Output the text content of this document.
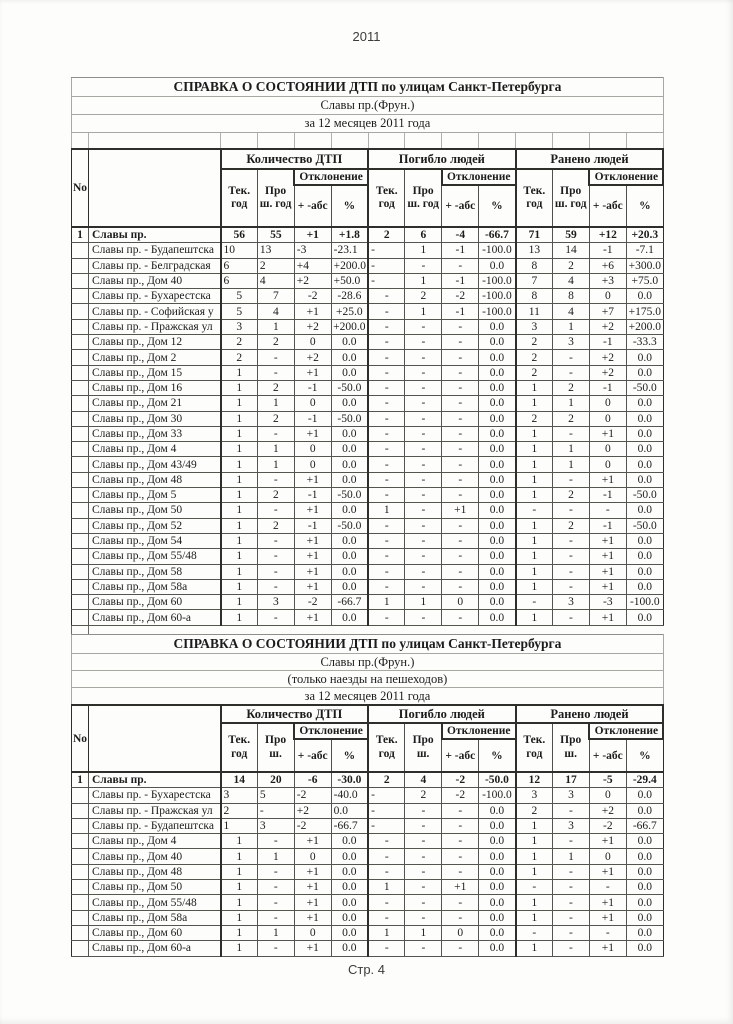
2011
СПРАВКА О СОСТОЯНИИ ДТП по улицам Санкт-Петербурга													
Славы пр.(Фрун.)													
за 12 месяцев 2011 года													

No		Количество ДТП				Погибло людей				Ранено людей			
		Тек. год	Про ш. год	Отклонение		Тек. год	Про ш. год	Отклонение		Тек. год	Про ш. год	Отклонение	
				+ -абс	%			+ -абс	%			+ -абс	%
1	Славы пр.	56	55	+1	+1.8	2	6	-4	-66.7	71	59	+12	+20.3
	Славы пр. - Будапештска	10	13	-3	-23.1	-	1	-1	-100.0	13	14	-1	-7.1
	Славы пр. - Белградская	6	2	+4	+200.0	-	-	-	0.0	8	2	+6	+300.0
	Славы пр., Дом 40	6	4	+2	+50.0	-	1	-1	-100.0	7	4	+3	+75.0
	Славы пр. - Бухарестска	5	7	-2	-28.6	-	2	-2	-100.0	8	8	0	0.0
	Славы пр. - Софийская у	5	4	+1	+25.0	-	1	-1	-100.0	11	4	+7	+175.0
	Славы пр. - Пражская ул	3	1	+2	+200.0	-	-	-	0.0	3	1	+2	+200.0
	Славы пр., Дом 12	2	2	0	0.0	-	-	-	0.0	2	3	-1	-33.3
	Славы пр., Дом 2	2	-	+2	0.0	-	-	-	0.0	2	-	+2	0.0
	Славы пр., Дом 15	1	-	+1	0.0	-	-	-	0.0	2	-	+2	0.0
	Славы пр., Дом 16	1	2	-1	-50.0	-	-	-	0.0	1	2	-1	-50.0
	Славы пр., Дом 21	1	1	0	0.0	-	-	-	0.0	1	1	0	0.0
	Славы пр., Дом 30	1	2	-1	-50.0	-	-	-	0.0	2	2	0	0.0
	Славы пр., Дом 33	1	-	+1	0.0	-	-	-	0.0	1	-	+1	0.0
	Славы пр., Дом 4	1	1	0	0.0	-	-	-	0.0	1	1	0	0.0
	Славы пр., Дом 43/49	1	1	0	0.0	-	-	-	0.0	1	1	0	0.0
	Славы пр., Дом 48	1	-	+1	0.0	-	-	-	0.0	1	-	+1	0.0
	Славы пр., Дом 5	1	2	-1	-50.0	-	-	-	0.0	1	2	-1	-50.0
	Славы пр., Дом 50	1	-	+1	0.0	1	-	+1	0.0	-	-	-	0.0
	Славы пр., Дом 52	1	2	-1	-50.0	-	-	-	0.0	1	2	-1	-50.0
	Славы пр., Дом 54	1	-	+1	0.0	-	-	-	0.0	1	-	+1	0.0
	Славы пр., Дом 55/48	1	-	+1	0.0	-	-	-	0.0	1	-	+1	0.0
	Славы пр., Дом 58	1	-	+1	0.0	-	-	-	0.0	1	-	+1	0.0
	Славы пр., Дом 58а	1	-	+1	0.0	-	-	-	0.0	1	-	+1	0.0
	Славы пр., Дом 60	1	3	-2	-66.7	1	1	0	0.0	-	3	-3	-100.0
	Славы пр., Дом 60-а	1	-	+1	0.0	-	-	-	0.0	1	-	+1	0.0

СПРАВКА О СОСТОЯНИИ ДТП по улицам Санкт-Петербурга													
Славы пр.(Фрун.)													
(только наезды на пешеходов)													
за 12 месяцев 2011 года													
No		Количество ДТП				Погибло людей				Ранено людей			
		Тек. год	Про ш.	Отклонение		Тек. год	Про ш.	Отклонение		Тек. год	Про ш.	Отклонение	
				+ -абс	%			+ -абс	%			+ -абс	%
1	Славы пр.	14	20	-6	-30.0	2	4	-2	-50.0	12	17	-5	-29.4
	Славы пр. - Бухарестска	3	5	-2	-40.0	-	2	-2	-100.0	3	3	0	0.0
	Славы пр. - Пражская ул	2	-	+2	0.0	-	-	-	0.0	2	-	+2	0.0
	Славы пр. - Будапештска	1	3	-2	-66.7	-	-	-	0.0	1	3	-2	-66.7
	Славы пр., Дом 4	1	-	+1	0.0	-	-	-	0.0	1	-	+1	0.0
	Славы пр., Дом 40	1	1	0	0.0	-	-	-	0.0	1	1	0	0.0
	Славы пр., Дом 48	1	-	+1	0.0	-	-	-	0.0	1	-	+1	0.0
	Славы пр., Дом 50	1	-	+1	0.0	1	-	+1	0.0	-	-	-	0.0
	Славы пр., Дом 55/48	1	-	+1	0.0	-	-	-	0.0	1	-	+1	0.0
	Славы пр., Дом 58а	1	-	+1	0.0	-	-	-	0.0	1	-	+1	0.0
	Славы пр., Дом 60	1	1	0	0.0	1	1	0	0.0	-	-	-	0.0
	Славы пр., Дом 60-а	1	-	+1	0.0	-	-	-	0.0	1	-	+1	0.0
Стр. 4
